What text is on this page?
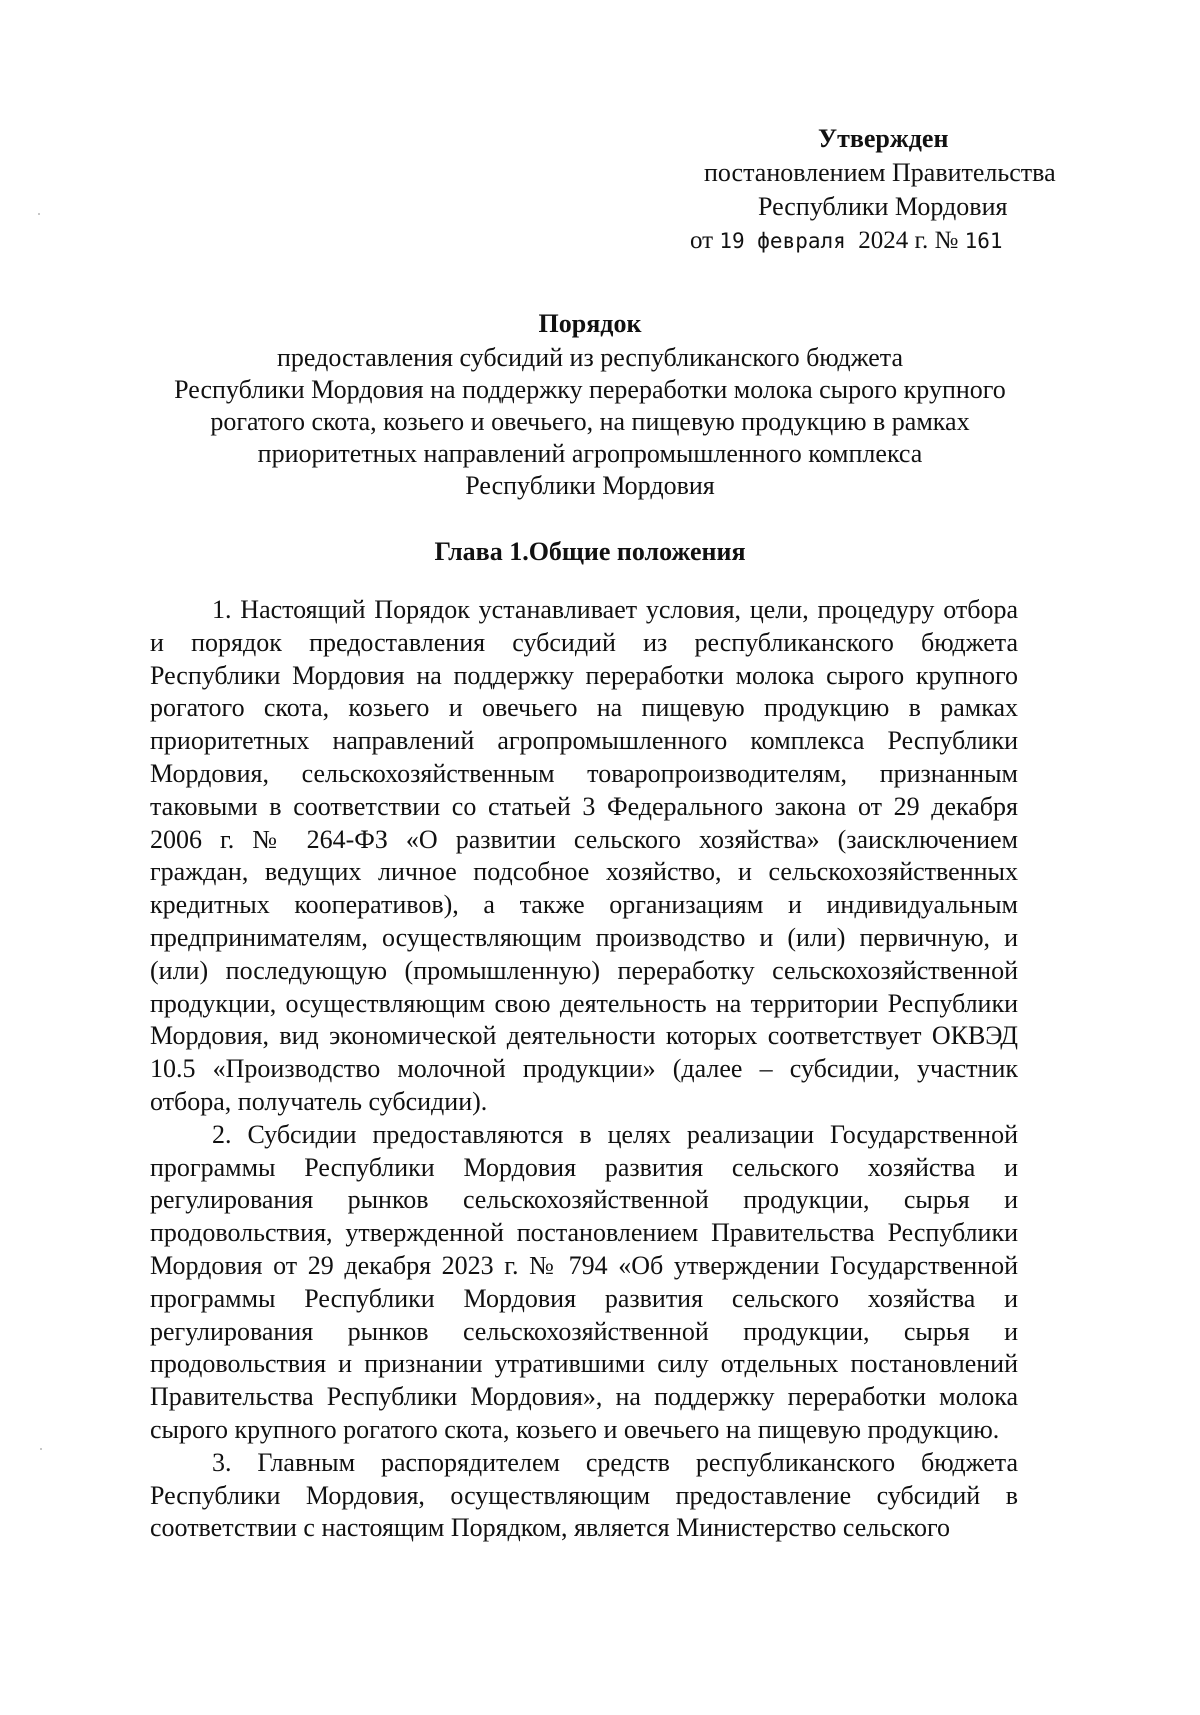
Утвержден
постановлением Правительства
Республики Мордовия
от 19 февраля  2024 г. № 161
Порядок
предоставления субсидий из республиканского бюджета
Республики Мордовия на поддержку переработки молока сырого крупного
рогатого скота, козьего и овечьего, на пищевую продукцию в рамках
приоритетных направлений агропромышленного комплекса
Республики Мордовия
Глава 1.Общие положения

1. Настоящий Порядок устанавливает условия, цели, процедуру отбора и порядок предоставления субсидий из республиканского бюджета Республики Мордовия на поддержку переработки молока сырого крупного рогатого скота, козьего и овечьего на пищевую продукцию в рамках приоритетных направлений агропромышленного комплекса Республики Мордовия, сельскохозяйственным товаропроизводителям, признанным таковыми в соответствии со статьей 3 Федерального закона от 29 декабря 2006 г. № 264-ФЗ «О развитии сельского хозяйства» (заисключением граждан, ведущих личное подсобное хозяйство, и сельскохозяйственных кредитных кооперативов), а также организациям и индивидуальным предпринимателям, осуществляющим производство и (или) первичную, и (или) последующую (промышленную) переработку сельскохозяйственной продукции, осуществляющим свою деятельность на территории Республики Мордовия, вид экономической деятельности которых соответствует ОКВЭД 10.5 «Производство молочной продукции» (далее – субсидии, участник отбора, получатель субсидии).

2. Субсидии предоставляются в целях реализации Государственной программы Республики Мордовия развития сельского хозяйства и регулирования рынков сельскохозяйственной продукции, сырья и продовольствия, утвержденной постановлением Правительства Республики Мордовия от 29 декабря 2023 г. № 794 «Об утверждении Государственной программы Республики Мордовия развития сельского хозяйства и регулирования рынков сельскохозяйственной продукции, сырья и продовольствия и признании утратившими силу отдельных постановлений Правительства Республики Мордовия», на поддержку переработки молока сырого крупного рогатого скота, козьего и овечьего на пищевую продукцию.

3. Главным распорядителем средств республиканского бюджета Республики Мордовия, осуществляющим предоставление субсидий в соответствии с настоящим Порядком, является Министерство сельского
